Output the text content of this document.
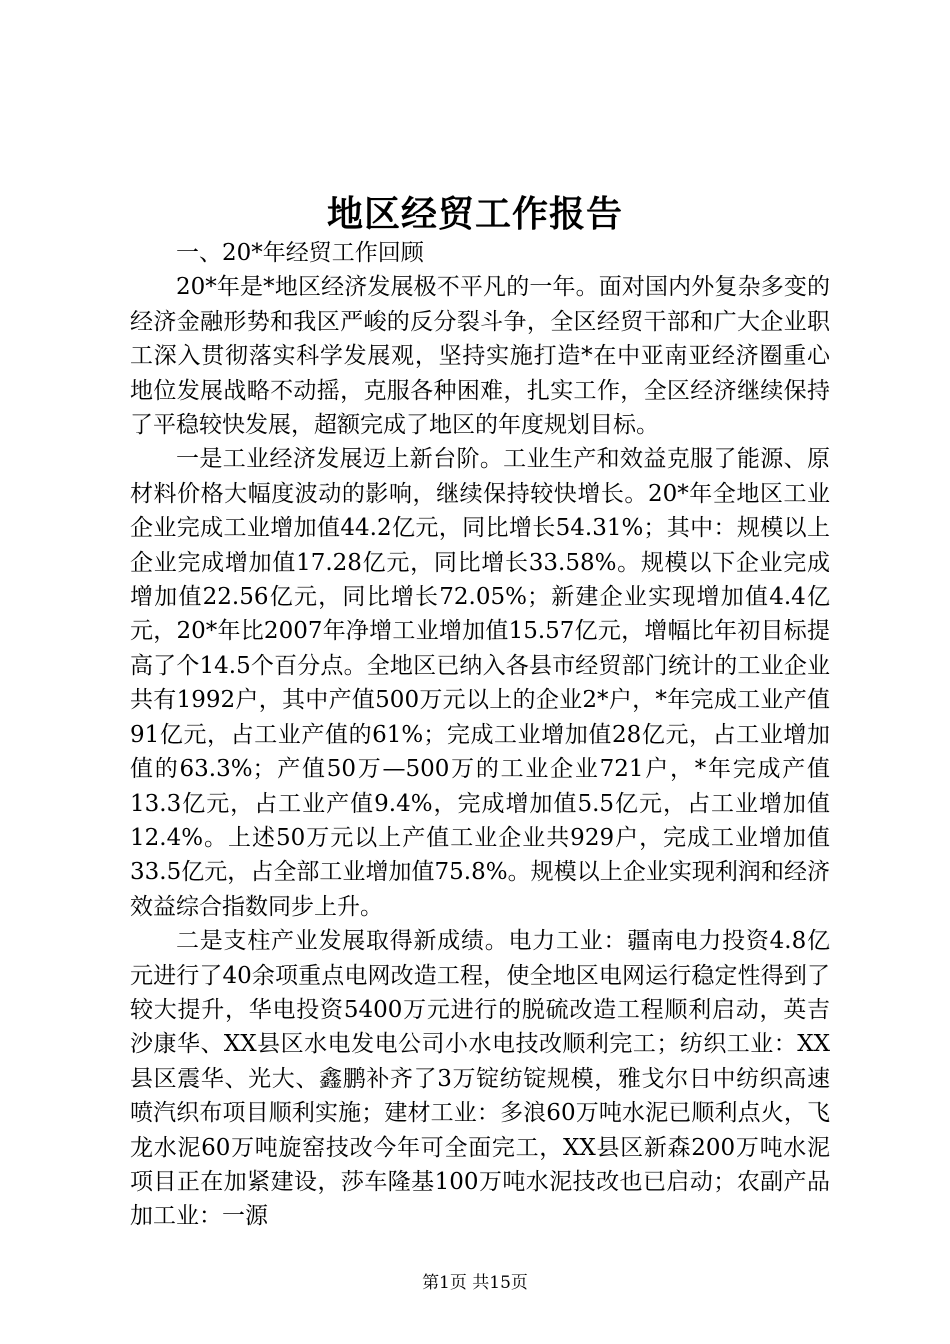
地区经贸工作报告

一、20*年经贸工作回顾

20*年是*地区经济发展极不平凡的一年。面对国内外复杂多变的经济金融形势和我区严峻的反分裂斗争，全区经贸干部和广大企业职工深入贯彻落实科学发展观，坚持实施打造*在中亚南亚经济圈重心地位发展战略不动摇，克服各种困难，扎实工作，全区经济继续保持了平稳较快发展，超额完成了地区的年度规划目标。

一是工业经济发展迈上新台阶。工业生产和效益克服了能源、原材料价格大幅度波动的影响，继续保持较快增长。20*年全地区工业企业完成工业增加值44.2亿元，同比增长54.31%；其中：规模以上企业完成增加值17.28亿元，同比增长33.58%。规模以下企业完成增加值22.56亿元，同比增长72.05%；新建企业实现增加值4.4亿元，20*年比2007年净增工业增加值15.57亿元，增幅比年初目标提高了个14.5个百分点。全地区已纳入各县市经贸部门统计的工业企业共有1992户，其中产值500万元以上的企业2*户，*年完成工业产值91亿元，占工业产值的61%；完成工业增加值28亿元，占工业增加值的63.3%；产值50万—500万的工业企业721户，*年完成产值13.3亿元，占工业产值9.4%，完成增加值5.5亿元，占工业增加值12.4%。上述50万元以上产值工业企业共929户，完成工业增加值33.5亿元，占全部工业增加值75.8%。规模以上企业实现利润和经济效益综合指数同步上升。

二是支柱产业发展取得新成绩。电力工业：疆南电力投资4.8亿元进行了40余项重点电网改造工程，使全地区电网运行稳定性得到了较大提升，华电投资5400万元进行的脱硫改造工程顺利启动，英吉沙康华、XX县区水电发电公司小水电技改顺利完工；纺织工业：XX县区震华、光大、鑫鹏补齐了3万锭纺锭规模，雅戈尔日中纺织高速喷汽织布项目顺利实施；建材工业：多浪60万吨水泥已顺利点火，飞龙水泥60万吨旋窑技改今年可全面完工，XX县区新森200万吨水泥项目正在加紧建设，莎车隆基100万吨水泥技改也已启动；农副产品加工业：一源

第1页 共15页
